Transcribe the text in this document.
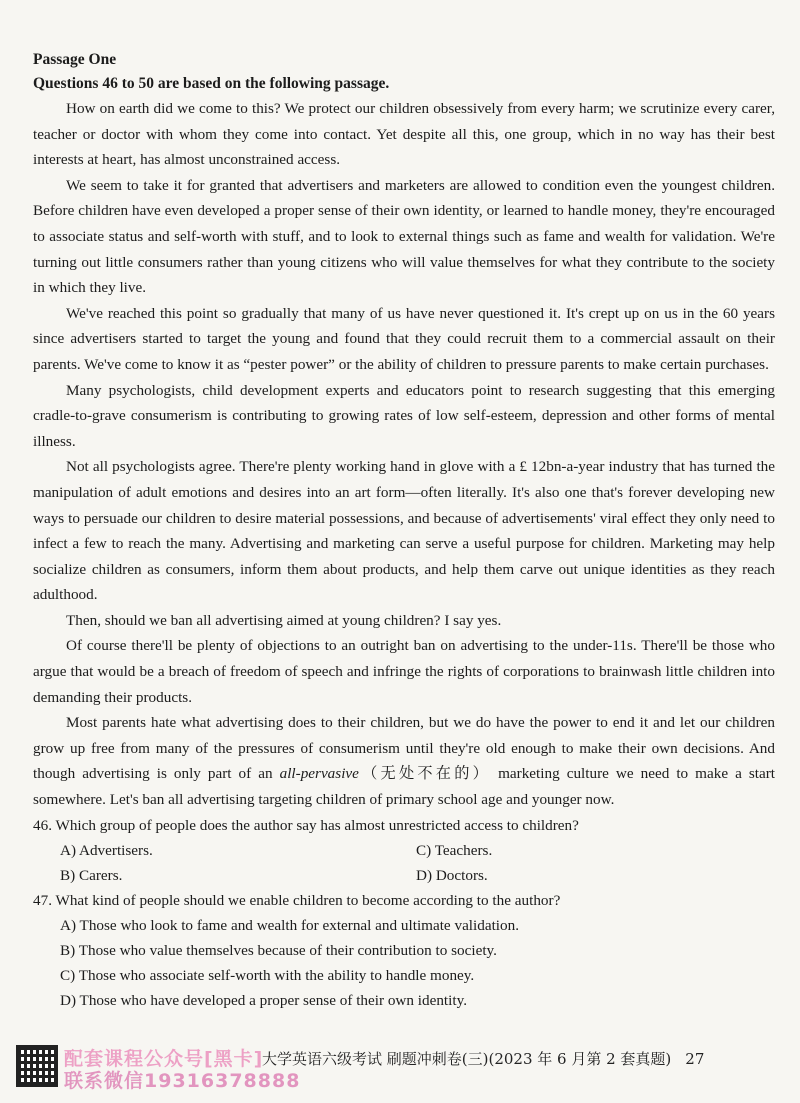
Passage One
Questions 46 to 50 are based on the following passage.

How on earth did we come to this? We protect our children obsessively from every harm; we scrutinize every carer, teacher or doctor with whom they come into contact. Yet despite all this, one group, which in no way has their best interests at heart, has almost unconstrained access.

We seem to take it for granted that advertisers and marketers are allowed to condition even the youngest children. Before children have even developed a proper sense of their own identity, or learned to handle money, they're encouraged to associate status and self-worth with stuff, and to look to external things such as fame and wealth for validation. We're turning out little consumers rather than young citizens who will value themselves for what they contribute to the society in which they live.

We've reached this point so gradually that many of us have never questioned it. It's crept up on us in the 60 years since advertisers started to target the young and found that they could recruit them to a commercial assault on their parents. We've come to know it as “pester power” or the ability of children to pressure parents to make certain purchases.

Many psychologists, child development experts and educators point to research suggesting that this emerging cradle-to-grave consumerism is contributing to growing rates of low self-esteem, depression and other forms of mental illness.

Not all psychologists agree. There're plenty working hand in glove with a £ 12bn-a-year industry that has turned the manipulation of adult emotions and desires into an art form—often literally. It's also one that's forever developing new ways to persuade our children to desire material possessions, and because of advertisements' viral effect they only need to infect a few to reach the many. Advertising and marketing can serve a useful purpose for children. Marketing may help socialize children as consumers, inform them about products, and help them carve out unique identities as they reach adulthood.

Then, should we ban all advertising aimed at young children? I say yes.

Of course there'll be plenty of objections to an outright ban on advertising to the under-11s. There'll be those who argue that would be a breach of freedom of speech and infringe the rights of corporations to brainwash little children into demanding their products.

Most parents hate what advertising does to their children, but we do have the power to end it and let our children grow up free from many of the pressures of consumerism until they're old enough to make their own decisions. And though advertising is only part of an all-pervasive（无处不在的） marketing culture we need to make a start somewhere. Let's ban all advertising targeting children of primary school age and younger now.

46. Which group of people does the author say has almost unrestricted access to children?

A) Advertisers.	C) Teachers.
B) Carers.	D) Doctors.

47. What kind of people should we enable children to become according to the author?

A) Those who look to fame and wealth for external and ultimate validation.
B) Those who value themselves because of their contribution to society.
C) Those who associate self-worth with the ability to handle money.
D) Those who have developed a proper sense of their own identity.
配套课程公众号[黑卡]
联系微信19316378888
大学英语六级考试 刷题冲刺卷(三)(2023 年 6 月第 2 套真题) 27
